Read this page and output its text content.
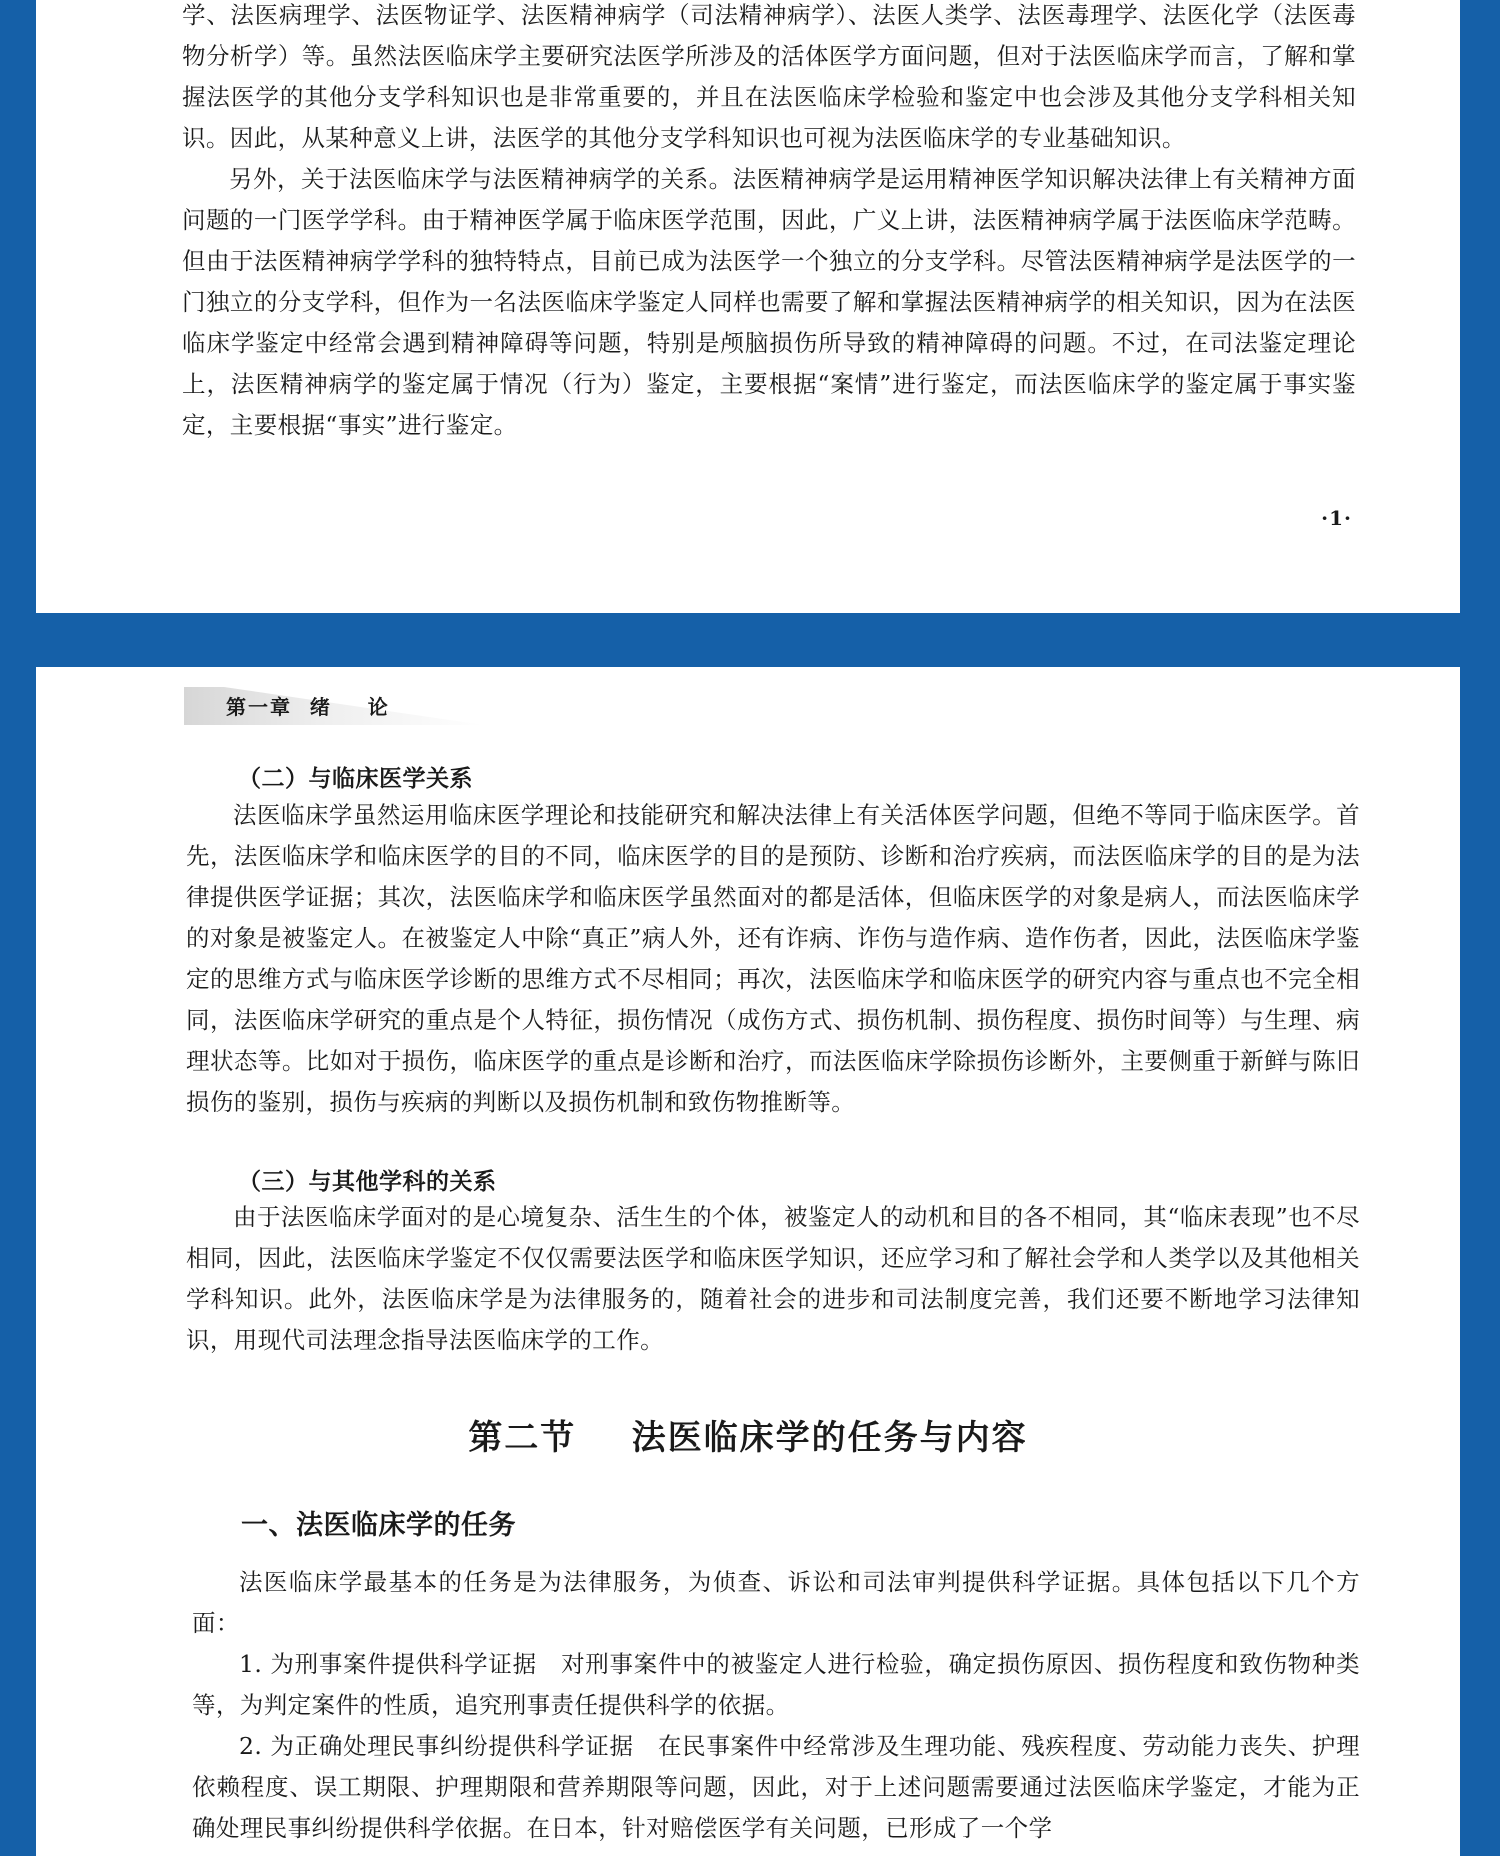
学、法医病理学、法医物证学、法医精神病学（司法精神病学）、法医人类学、法医毒理学、法医化学（法医毒物分析学）等。虽然法医临床学主要研究法医学所涉及的活体医学方面问题，但对于法医临床学而言，了解和掌握法医学的其他分支学科知识也是非常重要的，并且在法医临床学检验和鉴定中也会涉及其他分支学科相关知识。因此，从某种意义上讲，法医学的其他分支学科知识也可视为法医临床学的专业基础知识。

另外，关于法医临床学与法医精神病学的关系。法医精神病学是运用精神医学知识解决法律上有关精神方面问题的一门医学学科。由于精神医学属于临床医学范围，因此，广义上讲，法医精神病学属于法医临床学范畴。但由于法医精神病学学科的独特特点，目前已成为法医学一个独立的分支学科。尽管法医精神病学是法医学的一门独立的分支学科，但作为一名法医临床学鉴定人同样也需要了解和掌握法医精神病学的相关知识，因为在法医临床学鉴定中经常会遇到精神障碍等问题，特别是颅脑损伤所导致的精神障碍的问题。不过，在司法鉴定理论上，法医精神病学的鉴定属于情况（行为）鉴定，主要根据“案情”进行鉴定，而法医临床学的鉴定属于事实鉴定，主要根据“事实”进行鉴定。

·1·
第一章  绪    论
（二）与临床医学关系

法医临床学虽然运用临床医学理论和技能研究和解决法律上有关活体医学问题，但绝不等同于临床医学。首先，法医临床学和临床医学的目的不同，临床医学的目的是预防、诊断和治疗疾病，而法医临床学的目的是为法律提供医学证据；其次，法医临床学和临床医学虽然面对的都是活体，但临床医学的对象是病人，而法医临床学的对象是被鉴定人。在被鉴定人中除“真正”病人外，还有诈病、诈伤与造作病、造作伤者，因此，法医临床学鉴定的思维方式与临床医学诊断的思维方式不尽相同；再次，法医临床学和临床医学的研究内容与重点也不完全相同，法医临床学研究的重点是个人特征，损伤情况（成伤方式、损伤机制、损伤程度、损伤时间等）与生理、病理状态等。比如对于损伤，临床医学的重点是诊断和治疗，而法医临床学除损伤诊断外，主要侧重于新鲜与陈旧损伤的鉴别，损伤与疾病的判断以及损伤机制和致伤物推断等。

（三）与其他学科的关系

由于法医临床学面对的是心境复杂、活生生的个体，被鉴定人的动机和目的各不相同，其“临床表现”也不尽相同，因此，法医临床学鉴定不仅仅需要法医学和临床医学知识，还应学习和了解社会学和人类学以及其他相关学科知识。此外，法医临床学是为法律服务的，随着社会的进步和司法制度完善，我们还要不断地学习法律知识，用现代司法理念指导法医临床学的工作。

第二节    法医临床学的任务与内容
一、法医临床学的任务

法医临床学最基本的任务是为法律服务，为侦查、诉讼和司法审判提供科学证据。具体包括以下几个方面：

1. 为刑事案件提供科学证据  对刑事案件中的被鉴定人进行检验，确定损伤原因、损伤程度和致伤物种类等，为判定案件的性质，追究刑事责任提供科学的依据。

2. 为正确处理民事纠纷提供科学证据  在民事案件中经常涉及生理功能、残疾程度、劳动能力丧失、护理依赖程度、误工期限、护理期限和营养期限等问题，因此，对于上述问题需要通过法医临床学鉴定，才能为正确处理民事纠纷提供科学依据。在日本，针对赔偿医学有关问题，已形成了一个学
